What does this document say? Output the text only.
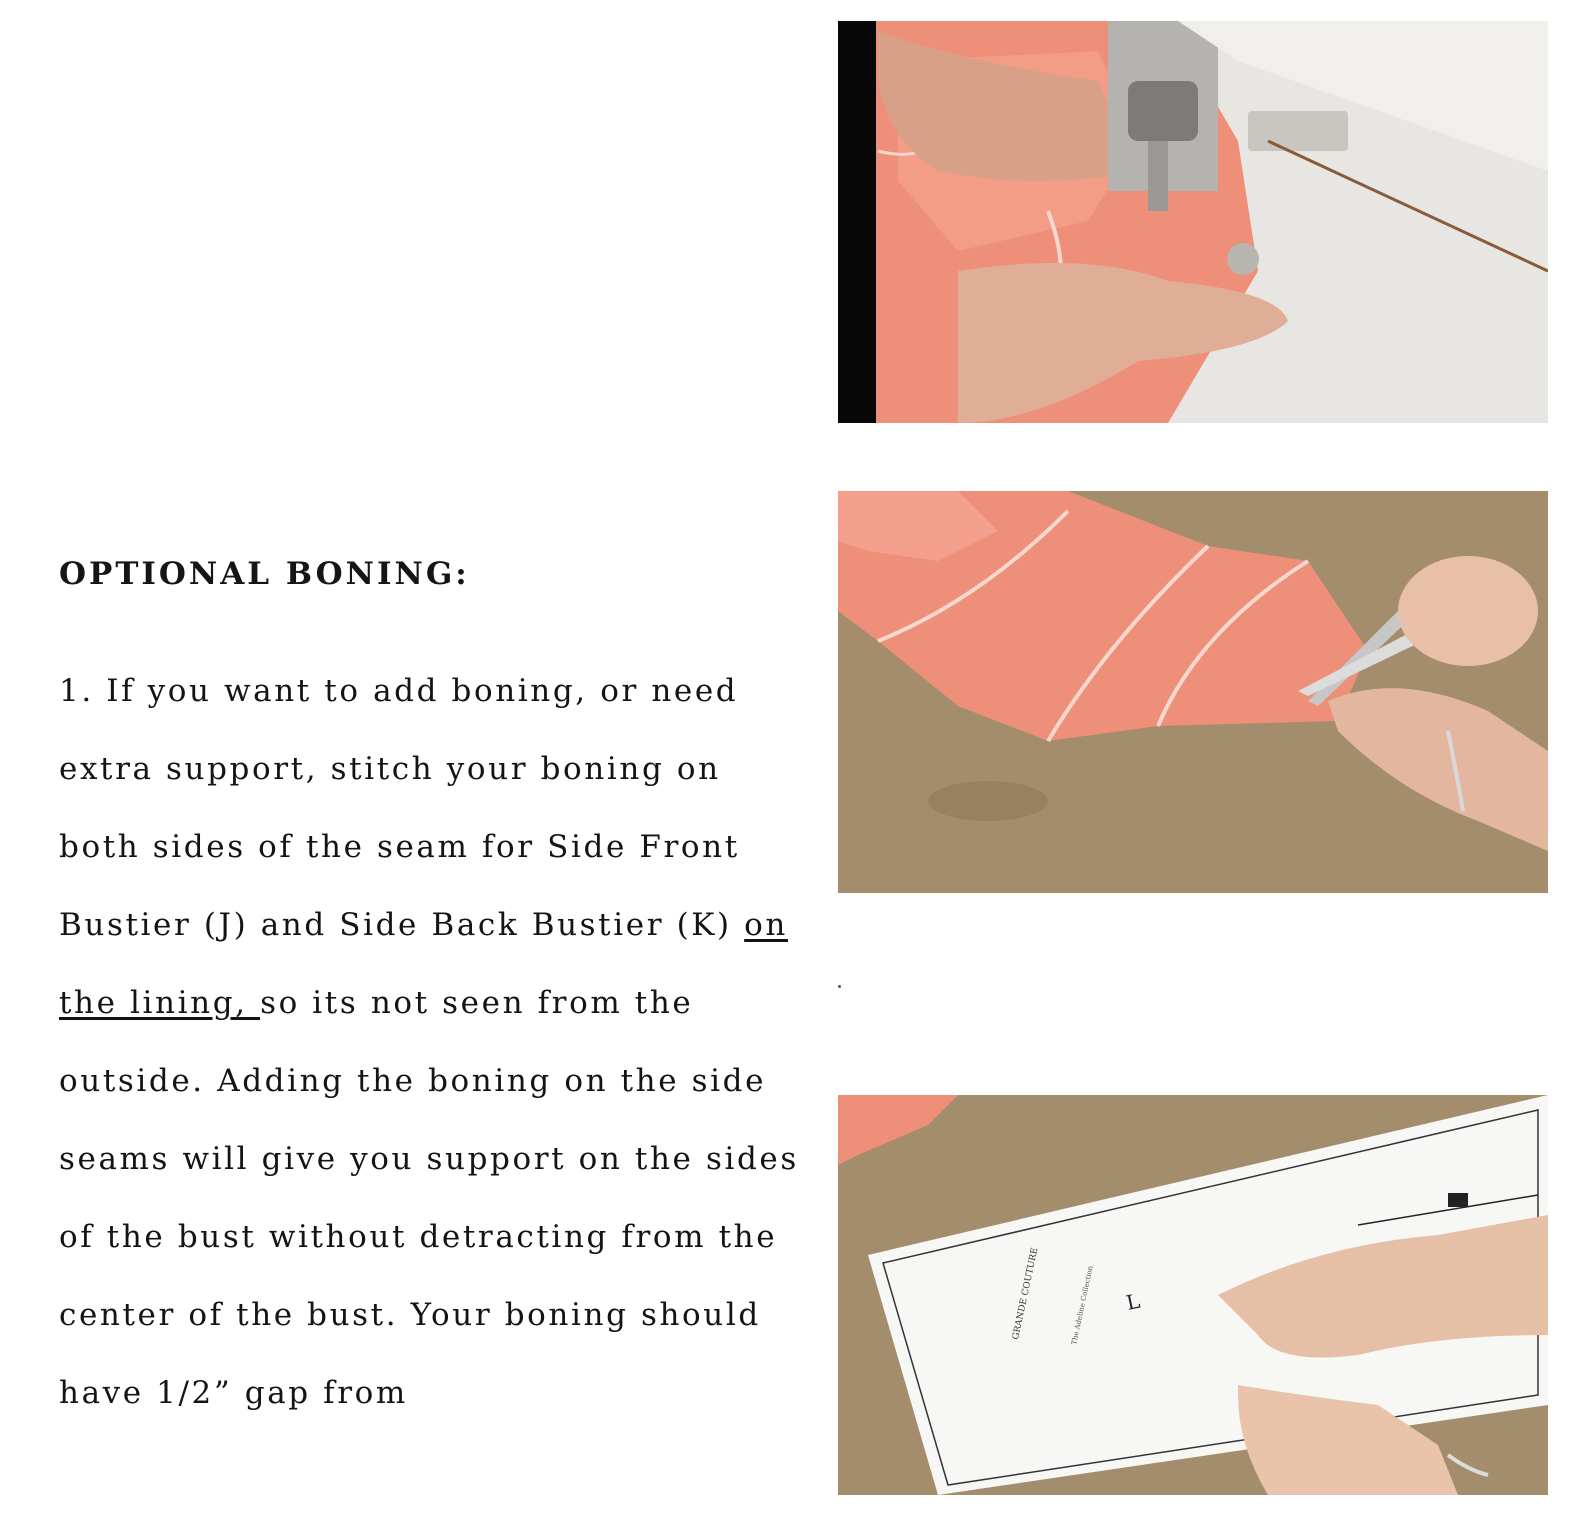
OPTIONAL BONING:

1. If you want to add boning, or need extra support, stitch your boning on both sides of the seam for Side Front Bustier (J) and Side Back Bustier (K) on the lining, so its not seen from the outside. Adding the boning on the side seams will give you support on the sides of the bust without detracting from the center of the bust. Your boning should have 1/2” gap from

L
GRANDE COUTURE	The Adeline Collection
